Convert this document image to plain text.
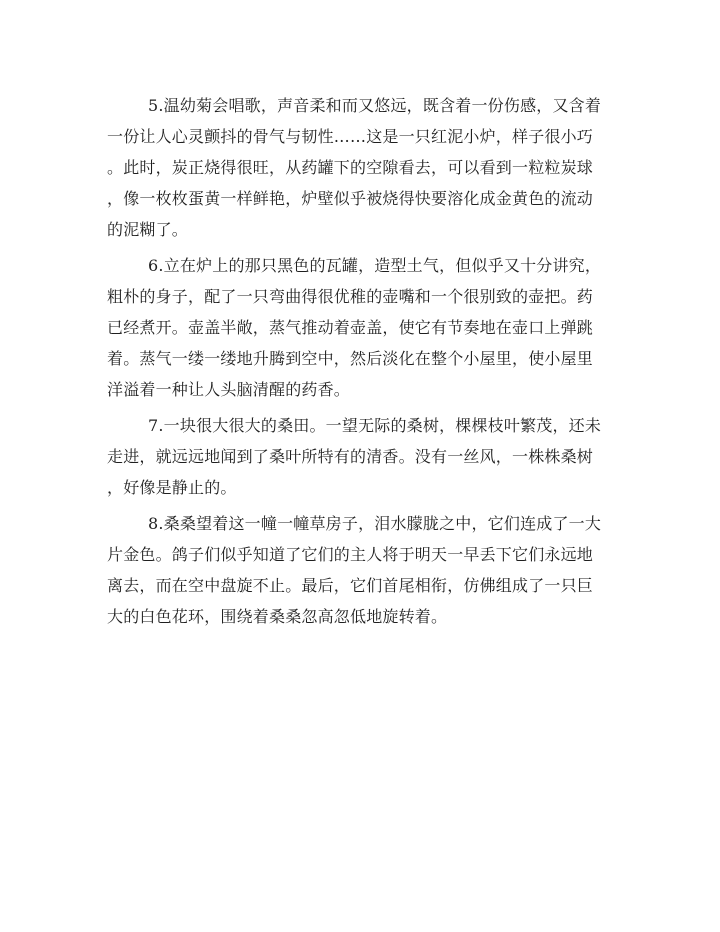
5.温幼菊会唱歌，声音柔和而又悠远，既含着一份伤感，又含着
一份让人心灵颤抖的骨气与韧性……这是一只红泥小炉，样子很小巧
。此时，炭正烧得很旺，从药罐下的空隙看去，可以看到一粒粒炭球
，像一枚枚蛋黄一样鲜艳，炉壁似乎被烧得快要溶化成金黄色的流动
的泥糊了。

6.立在炉上的那只黑色的瓦罐，造型土气，但似乎又十分讲究，
粗朴的身子，配了一只弯曲得很优稚的壶嘴和一个很别致的壶把。药
已经煮开。壶盖半敞，蒸气推动着壶盖，使它有节奏地在壶口上弹跳
着。蒸气一缕一缕地升腾到空中，然后淡化在整个小屋里，使小屋里
洋溢着一种让人头脑清醒的药香。

7.一块很大很大的桑田。一望无际的桑树，棵棵枝叶繁茂，还未
走进，就远远地闻到了桑叶所特有的清香。没有一丝风，一株株桑树
，好像是静止的。

8.桑桑望着这一幢一幢草房子，泪水朦胧之中，它们连成了一大
片金色。鸽子们似乎知道了它们的主人将于明天一早丢下它们永远地
离去，而在空中盘旋不止。最后，它们首尾相衔，仿佛组成了一只巨
大的白色花环，围绕着桑桑忽高忽低地旋转着。
